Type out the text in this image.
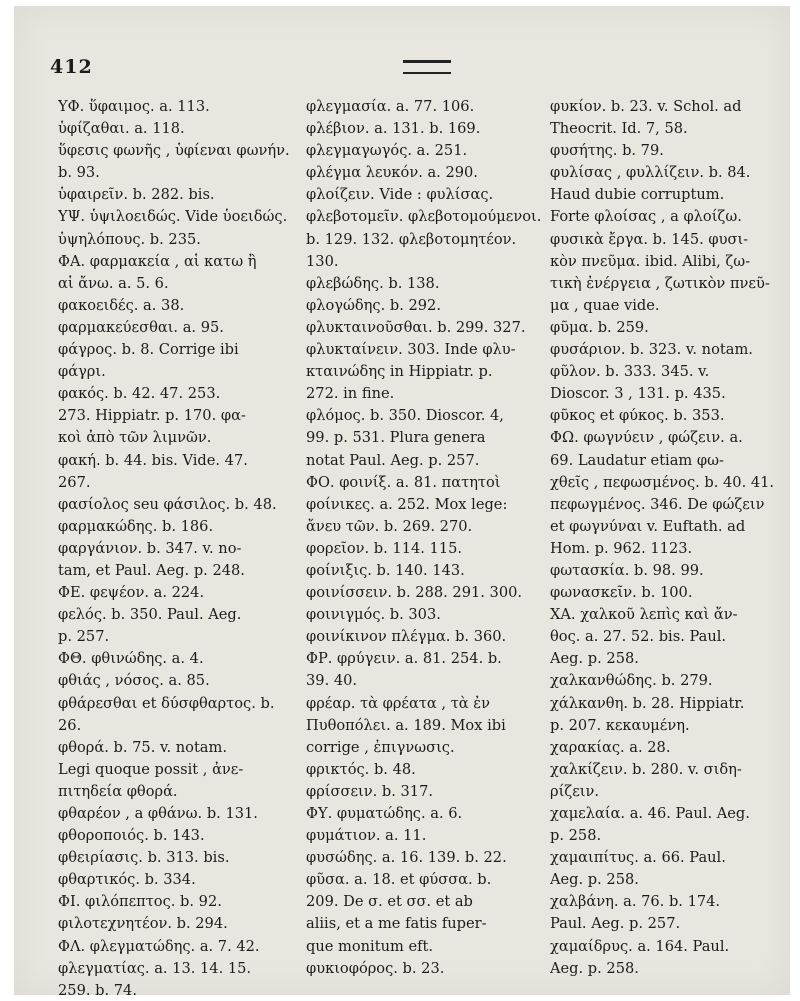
412
ΥΦ. ὕφαιμος. a. 113.
ὑφίζαθαι. a. 118.
ὕφεσις φωνῆς , ὑφίεναι φωνήν.
b. 93.
ὑφαιρεῖν. b. 282. bis.
ΥΨ. ὑψιλοειδώς. Vide ὑοειδώς.
ὑψηλόπους. b. 235.
ΦΑ. φαρμακεία , αἱ κατω ἢ
αἱ ἄνω. a. 5. 6.
φακοειδές. a. 38.
φαρμακεύεσθαι. a. 95.
φάγρος. b. 8. Corrige ibi
φάγρι.
φακός. b. 42. 47. 253.
273. Hippiatr. p. 170. φα-
κοὶ ἀπὸ τῶν λιμνῶν.
φακή. b. 44. bis. Vide. 47.
267.
φασίολος seu φάσιλος. b. 48.
φαρμακώδης. b. 186.
φαργάνιον. b. 347. v. no-
tam, et Paul. Aeg. p. 248.
ΦΕ. φεψέον. a. 224.
φελός. b. 350. Paul. Aeg.
p. 257.
ΦΘ. φθινώδης. a. 4.
φθιάς , νόσος. a. 85.
φθάρεσθαι et δύσφθαρτος. b.
26.
φθορά. b. 75. v. notam.
Legi quoque possit , ἀνε-
πιτηδεία φθορά.
φθαρέον , a φθάνω. b. 131.
φθοροποιός. b. 143.
φθειρίασις. b. 313. bis.
φθαρτικός. b. 334.
ΦΙ. φιλόπεπτος. b. 92.
φιλοτεχνητέον. b. 294.
ΦΛ. φλεγματώδης. a. 7. 42.
φλεγματίας. a. 13. 14. 15.
259. b. 74.
φλεγμασία. a. 77. 106.
φλέβιον. a. 131. b. 169.
φλεγμαγωγός. a. 251.
φλέγμα λευκόν. a. 290.
φλοίζειν. Vide : φυλίσας.
φλεβοτομεῖν. φλεβοτομούμενοι.
b. 129. 132. φλεβοτομητέον.
130.
φλεβώδης. b. 138.
φλογώδης. b. 292.
φλυκταινοῦσθαι. b. 299. 327.
φλυκταίνειν. 303. Inde φλυ-
κταινώδης in Hippiatr. p.
272. in fine.
φλόμος. b. 350. Dioscor. 4,
99. p. 531. Plura genera
notat Paul. Aeg. p. 257.
ΦΟ. φοινίξ. a. 81. πατητοὶ
φοίνικες. a. 252. Mox lege:
ἄνευ τῶν. b. 269. 270.
φορεῖον. b. 114. 115.
φοίνιξις. b. 140. 143.
φοινίσσειν. b. 288. 291. 300.
φοινιγμός. b. 303.
φοινίκινον πλέγμα. b. 360.
ΦΡ. φρύγειν. a. 81. 254. b.
39. 40.
φρέαρ. τὰ φρέατα , τὰ ἐν
Πυθοπόλει. a. 189. Mox ibi
corrige , ἐπιγνωσις.
φρικτός. b. 48.
φρίσσειν. b. 317.
ΦΥ. φυματώδης. a. 6.
φυμάτιον. a. 11.
φυσώδης. a. 16. 139. b. 22.
φῦσα. a. 18. et φύσσα. b.
209. De σ. et σσ. et ab
aliis, et a me fatis fuper-
que monitum eft.
φυκιοφόρος. b. 23.
φυκίον. b. 23. v. Schol. ad
Theocrit. Id. 7, 58.
φυσήτης. b. 79.
φυλίσας , φυλλίζειν. b. 84.
Haud dubie corruptum.
Forte φλοίσας , a φλοίζω.
φυσικὰ ἔργα. b. 145. φυσι-
κὸν πνεῦμα. ibid. Alibi, ζω-
τικὴ ἐνέργεια , ζωτικὸν πνεῦ-
μα , quae vide.
φῦμα. b. 259.
φυσάριον. b. 323. v. notam.
φῦλον. b. 333. 345. v.
Dioscor. 3 , 131. p. 435.
φῦκος et φύκος. b. 353.
ΦΩ. φωγνύειν , φώζειν. a.
69. Laudatur etiam φω-
χθεῖς , πεφωσμένος. b. 40. 41.
πεφωγμένος. 346. De φώζειν
et φωγνύναι v. Euftath. ad
Hom. p. 962. 1123.
φωτασκία. b. 98. 99.
φωνασκεῖν. b. 100.
ΧΑ. χαλκοῦ λεπὶς καὶ ἄν-
θος. a. 27. 52. bis. Paul.
Aeg. p. 258.
χαλκανθώδης. b. 279.
χάλκανθη. b. 28. Hippiatr.
p. 207. κεκαυμένη.
χαρακίας. a. 28.
χαλκίζειν. b. 280. v. σιδη-
ρίζειν.
χαμελαία. a. 46. Paul. Aeg.
p. 258.
χαμαιπίτυς. a. 66. Paul.
Aeg. p. 258.
χαλβάνη. a. 76. b. 174.
Paul. Aeg. p. 257.
χαμαίδρυς. a. 164. Paul.
Aeg. p. 258.
